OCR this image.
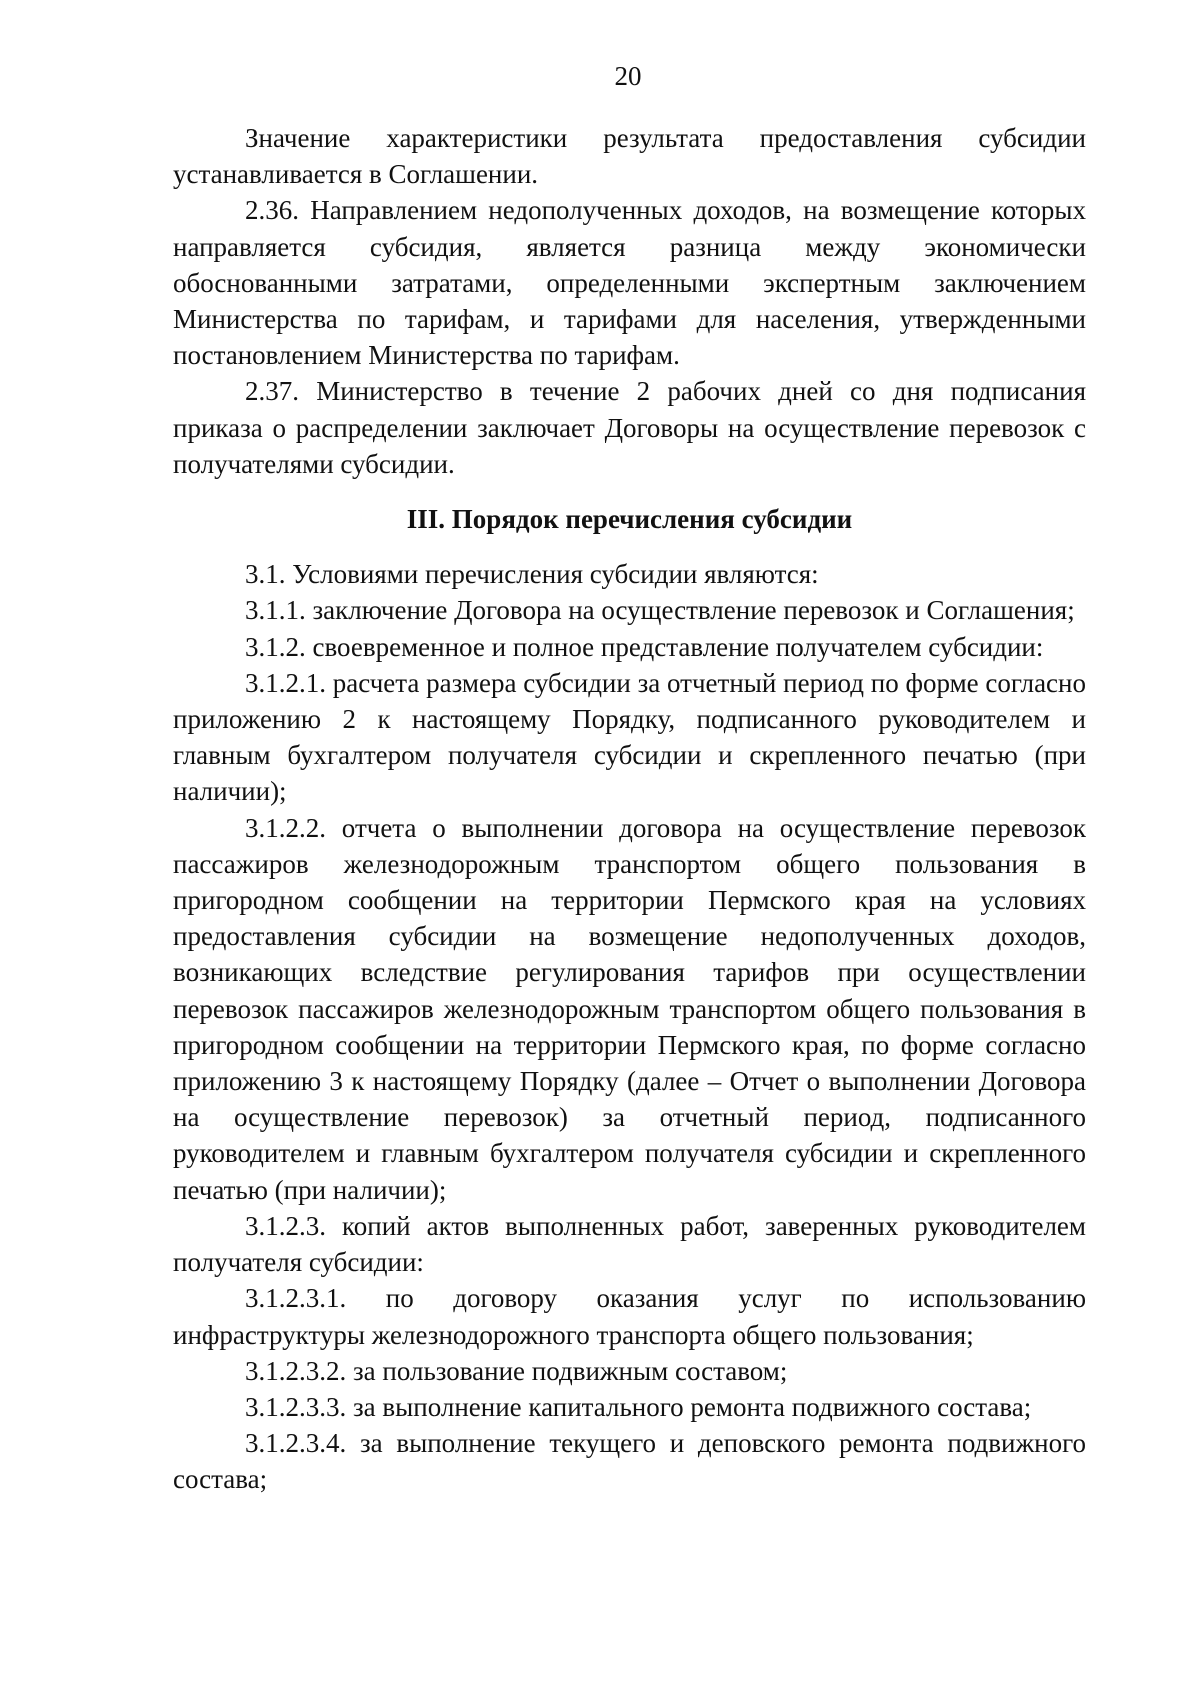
20

Значение характеристики результата предоставления субсидии устанавливается в Соглашении.

2.36. Направлением недополученных доходов, на возмещение которых направляется субсидия, является разница между экономически обоснованными затратами, определенными экспертным заключением Министерства по тарифам, и тарифами для населения, утвержденными постановлением Министерства по тарифам.

2.37. Министерство в течение 2 рабочих дней со дня подписания приказа о распределении заключает Договоры на осуществление перевозок с получателями субсидии.

III. Порядок перечисления субсидии

3.1. Условиями перечисления субсидии являются:

3.1.1. заключение Договора на осуществление перевозок и Соглашения;

3.1.2. своевременное и полное представление получателем субсидии:

3.1.2.1. расчета размера субсидии за отчетный период по форме согласно приложению 2 к настоящему Порядку, подписанного руководителем и главным бухгалтером получателя субсидии и скрепленного печатью (при наличии);

3.1.2.2. отчета о выполнении договора на осуществление перевозок пассажиров железнодорожным транспортом общего пользования в пригородном сообщении на территории Пермского края на условиях предоставления субсидии на возмещение недополученных доходов, возникающих вследствие регулирования тарифов при осуществлении перевозок пассажиров железнодорожным транспортом общего пользования в пригородном сообщении на территории Пермского края, по форме согласно приложению 3 к настоящему Порядку (далее – Отчет о выполнении Договора на осуществление перевозок) за отчетный период, подписанного руководителем и главным бухгалтером получателя субсидии и скрепленного печатью (при наличии);

3.1.2.3. копий актов выполненных работ, заверенных руководителем получателя субсидии:

3.1.2.3.1. по договору оказания услуг по использованию инфраструктуры железнодорожного транспорта общего пользования;

3.1.2.3.2. за пользование подвижным составом;

3.1.2.3.3. за выполнение капитального ремонта подвижного состава;

3.1.2.3.4. за выполнение текущего и деповского ремонта подвижного состава;
